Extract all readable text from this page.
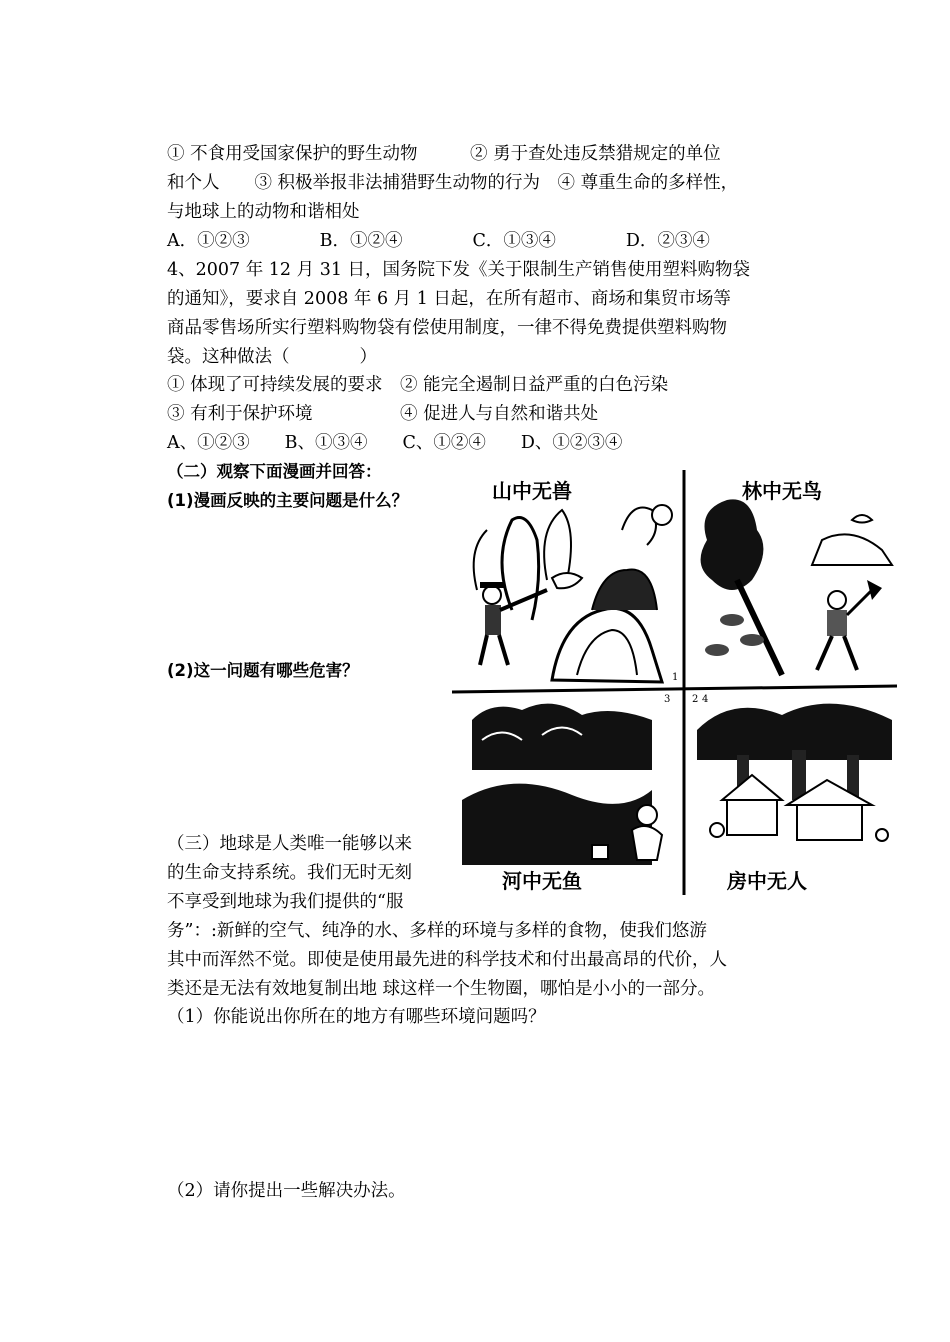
① 不食用受国家保护的野生动物　　　② 勇于查处违反禁猎规定的单位
和个人　　③ 积极举报非法捕猎野生动物的行为　④ 尊重生命的多样性，
与地球上的动物和谐相处
A．①②③　　　　B．①②④　　　　C．①③④　　　　D．②③④
4、2007 年 12 月 31 日，国务院下发《关于限制生产销售使用塑料购物袋
的通知》，要求自 2008 年 6 月 1 日起，在所有超市、商场和集贸市场等
商品零售场所实行塑料购物袋有偿使用制度，一律不得免费提供塑料购物
袋。这种做法（　　　　）
① 体现了可持续发展的要求　② 能完全遏制日益严重的白色污染
③ 有利于保护环境　　　　　④ 促进人与自然和谐共处
A、①②③　　B、①③④　　C、①②④　　D、①②③④
（二）观察下面漫画并回答：
(1)漫画反映的主要问题是什么？
(2)这一问题有哪些危害？
山中无兽
1
林中无鸟
2
河中无鱼
3
房中无人
4
（三）地球是人类唯一能够以来
的生命支持系统。我们无时无刻
不享受到地球为我们提供的“服
务”：:新鲜的空气、纯净的水、多样的环境与多样的食物，使我们悠游
其中而浑然不觉。即使是使用最先进的科学技术和付出最高昂的代价，人
类还是无法有效地复制出地 球这样一个生物圈，哪怕是小小的一部分。
（1）你能说出你所在的地方有哪些环境问题吗？
（2）请你提出一些解决办法。
